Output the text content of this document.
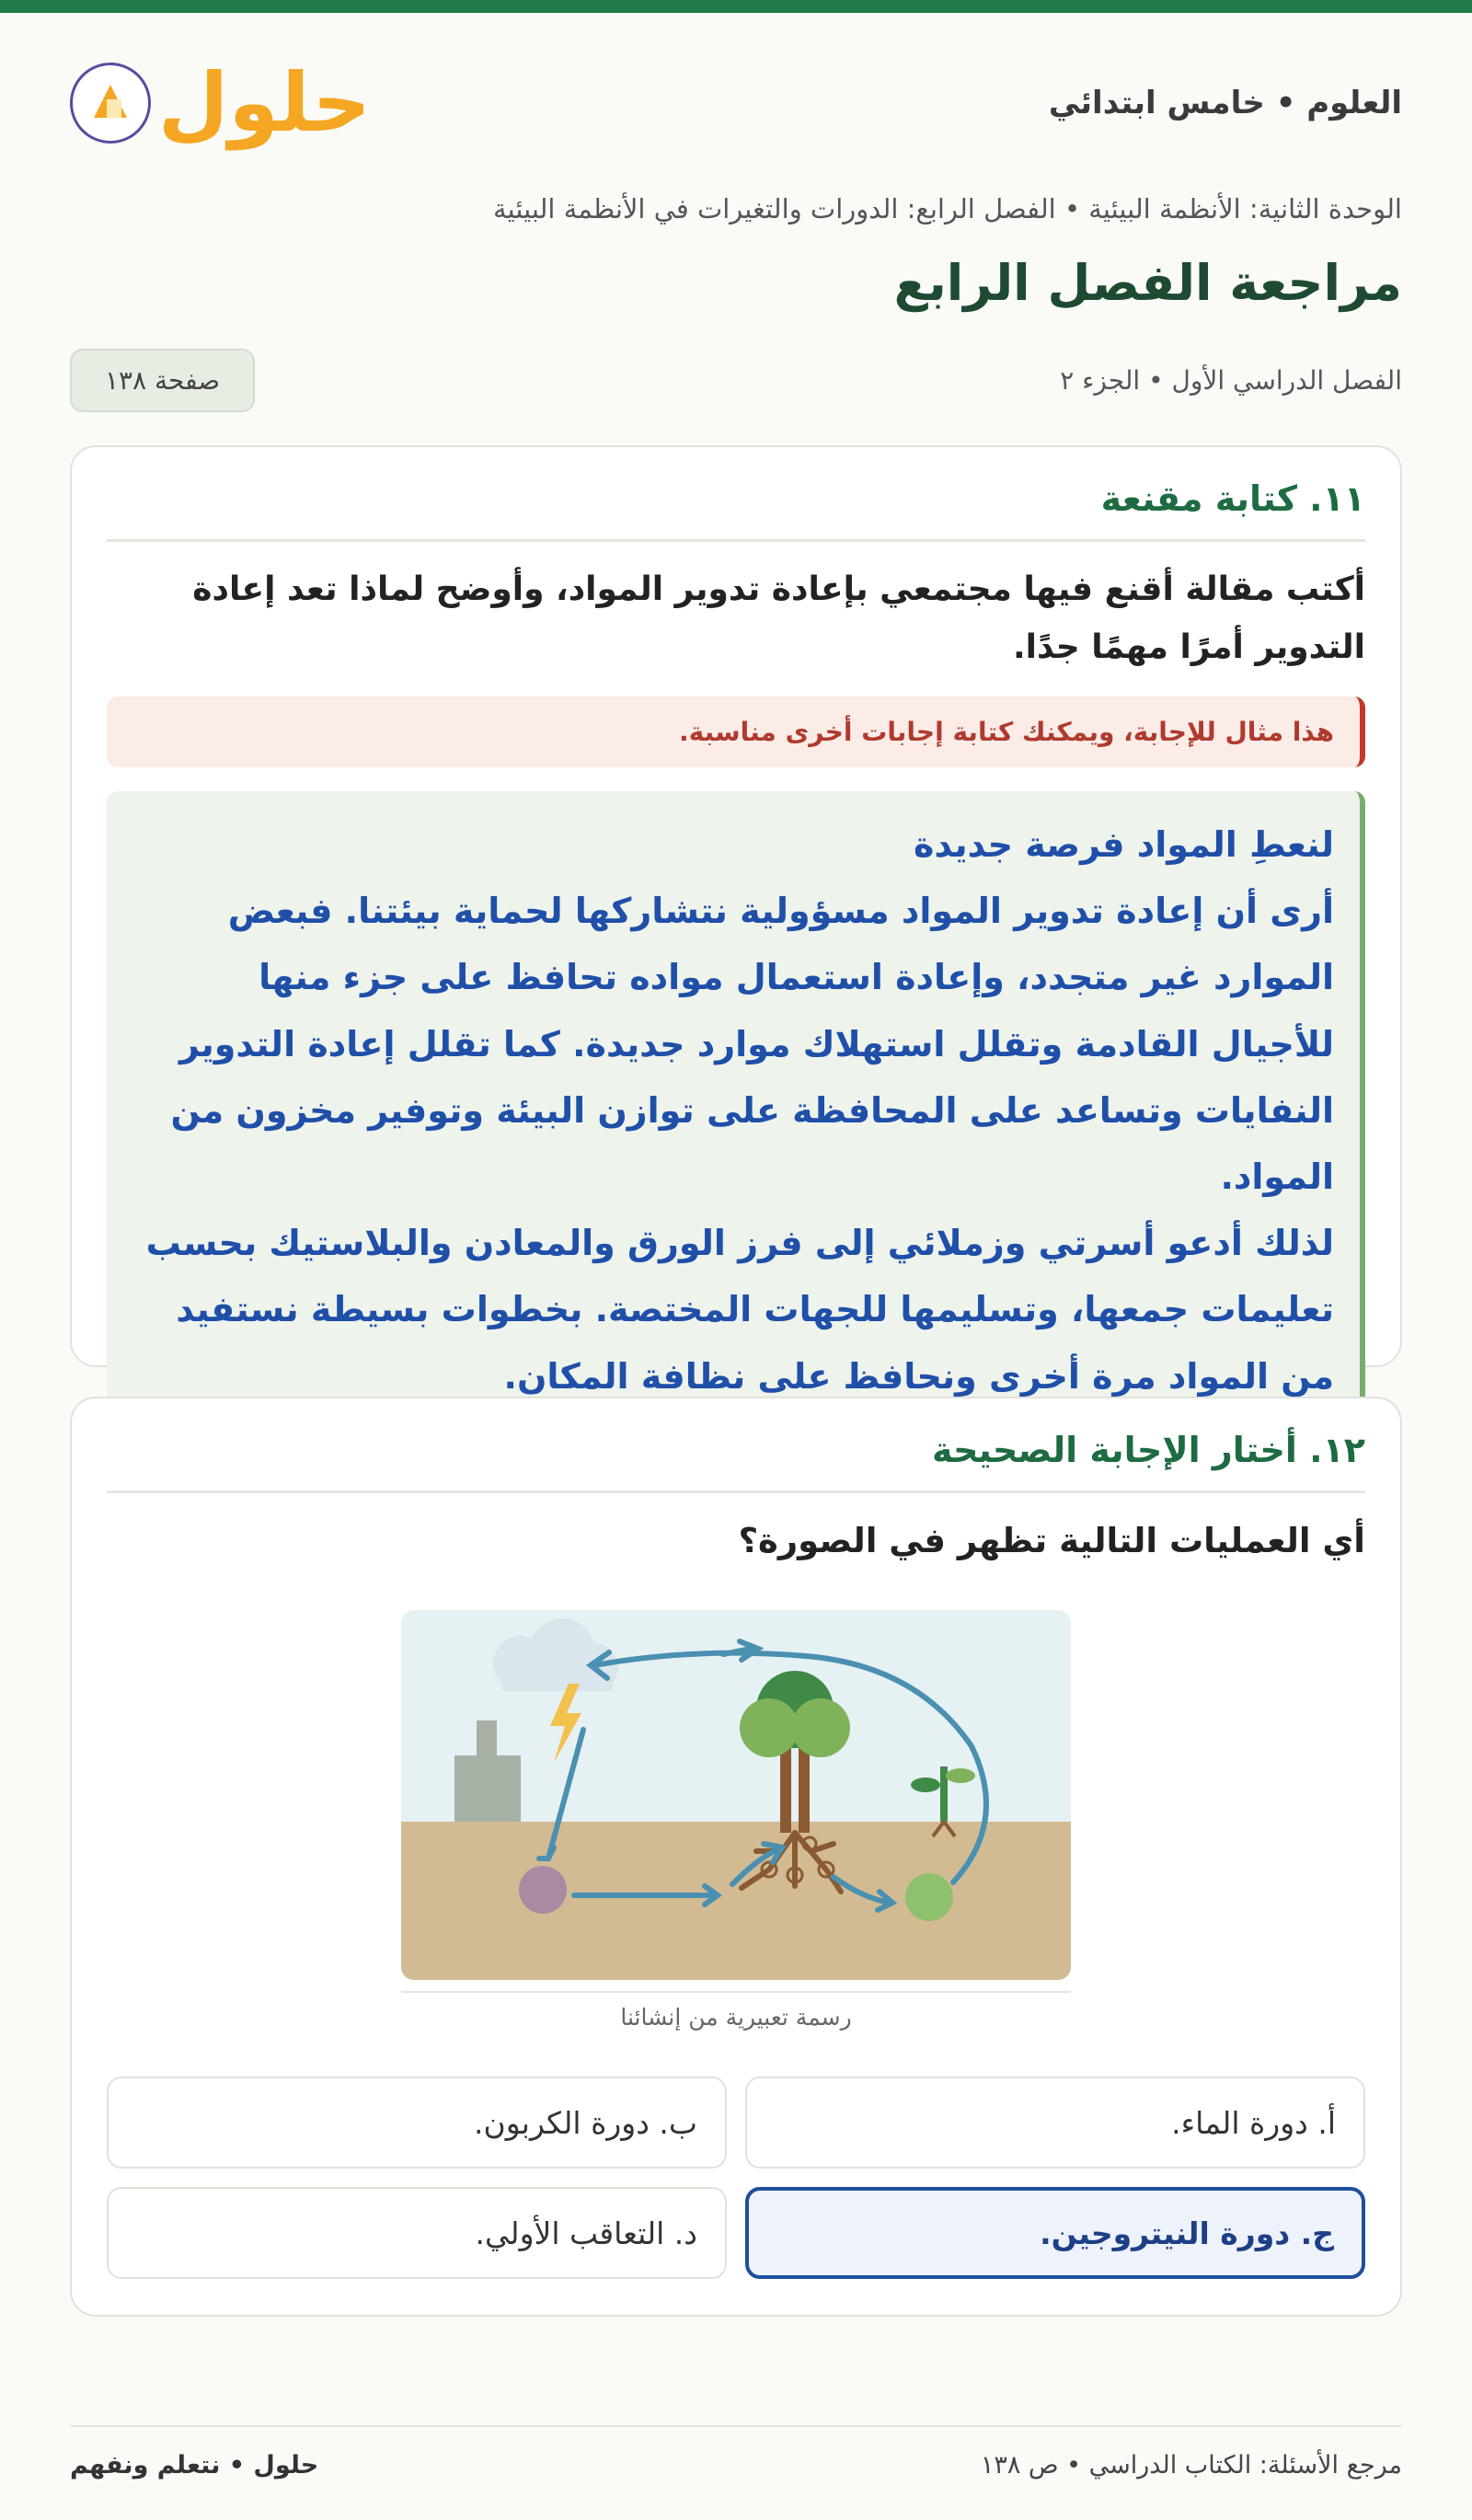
العلوم • خامس ابتدائي
حلول
الوحدة الثانية: الأنظمة البيئية • الفصل الرابع: الدورات والتغيرات في الأنظمة البيئية
مراجعة الفصل الرابع
الفصل الدراسي الأول • الجزء ٢
صفحة ١٣٨
١١. كتابة مقنعة
أكتب مقالة أقنع فيها مجتمعي بإعادة تدوير المواد، وأوضح لماذا تعد إعادة التدوير أمرًا مهمًا جدًا.
هذا مثال للإجابة، ويمكنك كتابة إجابات أخرى مناسبة.

لنعطِ المواد فرصة جديدة

أرى أن إعادة تدوير المواد مسؤولية نتشاركها لحماية بيئتنا. فبعض الموارد غير متجدد، وإعادة استعمال مواده تحافظ على جزء منها للأجيال القادمة وتقلل استهلاك موارد جديدة. كما تقلل إعادة التدوير النفايات وتساعد على المحافظة على توازن البيئة وتوفير مخزون من المواد.

لذلك أدعو أسرتي وزملائي إلى فرز الورق والمعادن والبلاستيك بحسب تعليمات جمعها، وتسليمها للجهات المختصة. بخطوات بسيطة نستفيد من المواد مرة أخرى ونحافظ على نظافة المكان.

١٢. أختار الإجابة الصحيحة
أي العمليات التالية تظهر في الصورة؟
رسمة تعبيرية من إنشائنا
أ. دورة الماء.
ب. دورة الكربون.
ج. دورة النيتروجين.
د. التعاقب الأولي.
مرجع الأسئلة: الكتاب الدراسي • ص ١٣٨
حلول • نتعلم ونفهم
